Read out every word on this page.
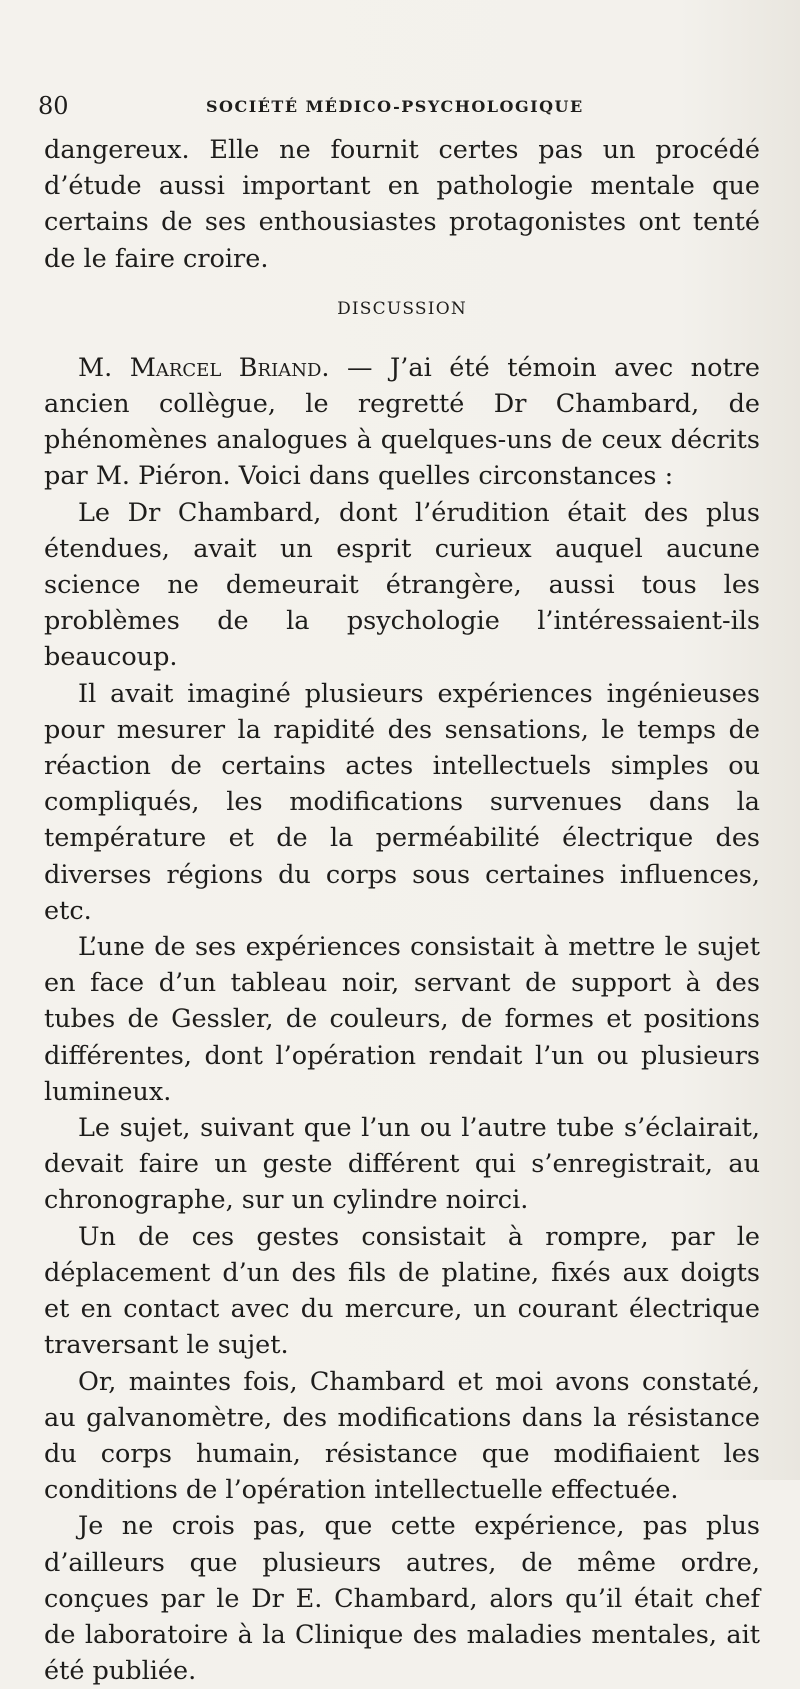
80	SOCIÉTÉ MÉDICO-PSYCHOLOGIQUE

dangereux. Elle ne fournit certes pas un procédé d’étude aussi important en pathologie mentale que certains de ses enthousiastes protagonistes ont tenté de le faire croire.

DISCUSSION

M. Marcel Briand. — J’ai été témoin avec notre ancien collègue, le regretté Dr Chambard, de phénomènes analogues à quelques-uns de ceux décrits par M. Piéron. Voici dans quelles circonstances :

Le Dr Chambard, dont l’érudition était des plus étendues, avait un esprit curieux auquel aucune science ne demeurait étrangère, aussi tous les problèmes de la psychologie l’intéressaient-ils beaucoup.

Il avait imaginé plusieurs expériences ingénieuses pour mesurer la rapidité des sensations, le temps de réaction de certains actes intellectuels simples ou compliqués, les modifications survenues dans la température et de la perméabilité électrique des diverses régions du corps sous certaines influences, etc.

L’une de ses expériences consistait à mettre le sujet en face d’un tableau noir, servant de support à des tubes de Gessler, de couleurs, de formes et positions différentes, dont l’opération rendait l’un ou plusieurs lumineux.

Le sujet, suivant que l’un ou l’autre tube s’éclairait, devait faire un geste différent qui s’enregistrait, au chronographe, sur un cylindre noirci.

Un de ces gestes consistait à rompre, par le déplacement d’un des fils de platine, fixés aux doigts et en contact avec du mercure, un courant électrique traversant le sujet.

Or, maintes fois, Chambard et moi avons constaté, au galvanomètre, des modifications dans la résistance du corps humain, résistance que modifiaient les conditions de l’opération intellectuelle effectuée.

Je ne crois pas, que cette expérience, pas plus d’ailleurs que plusieurs autres, de même ordre, conçues par le Dr E. Chambard, alors qu’il était chef de laboratoire à la Clinique des maladies mentales, ait été publiée.
